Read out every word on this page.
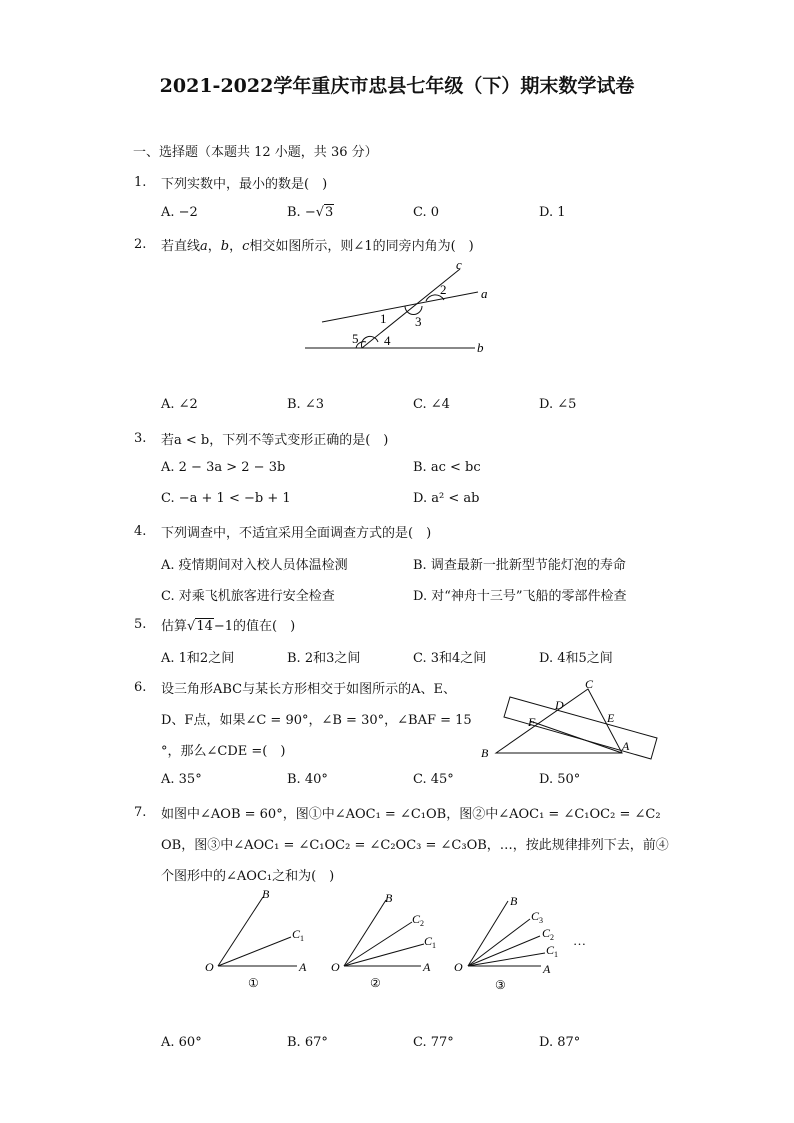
2021-2022学年重庆市忠县七年级（下）期末数学试卷
一、选择题（本题共 12 小题，共 36 分）
1. 下列实数中，最小的数是(　)
A. −2	B. −√3	C. 0	D. 1
2. 若直线a，b，c相交如图所示，则∠1的同旁内角为(　)
c
a
b
1
2
3
4
5
A. ∠2	B. ∠3	C. ∠4	D. ∠5
3. 若a < b，下列不等式变形正确的是(　)
A. 2 − 3a > 2 − 3b	B. ac < bc
C. −a + 1 < −b + 1	D. a² < ab
4. 下列调查中，不适宜采用全面调查方式的是(　)
A. 疫情期间对入校人员体温检测	B. 调查最新一批新型节能灯泡的寿命
C. 对乘飞机旅客进行安全检查	D. 对“神舟十三号”飞船的零部件检查
5. 估算√14−1的值在(　)
A. 1和2之间	B. 2和3之间	C. 3和4之间	D. 4和5之间
6. 设三角形ABC与某长方形相交于如图所示的A、E、
D、F点，如果∠C = 90°，∠B = 30°，∠BAF = 15
°，那么∠CDE =(　)
C
D
E
F
B	A
A. 35°	B. 40°	C. 45°	D. 50°
7. 如图中∠AOB = 60°，图①中∠AOC₁ = ∠C₁OB，图②中∠AOC₁ = ∠C₁OC₂ = ∠C₂
OB，图③中∠AOC₁ = ∠C₁OC₂ = ∠C₂OC₃ = ∠C₃OB，…，按此规律排列下去，前④
个图形中的∠AOC₁之和为(　)
O	A
B
$C_1$
①
O	A
B
$C_2$
$C_1$
②
O	A
B
$C_3$
$C_2$
$C_1$
③
…
A. 60°	B. 67°	C. 77°	D. 87°
